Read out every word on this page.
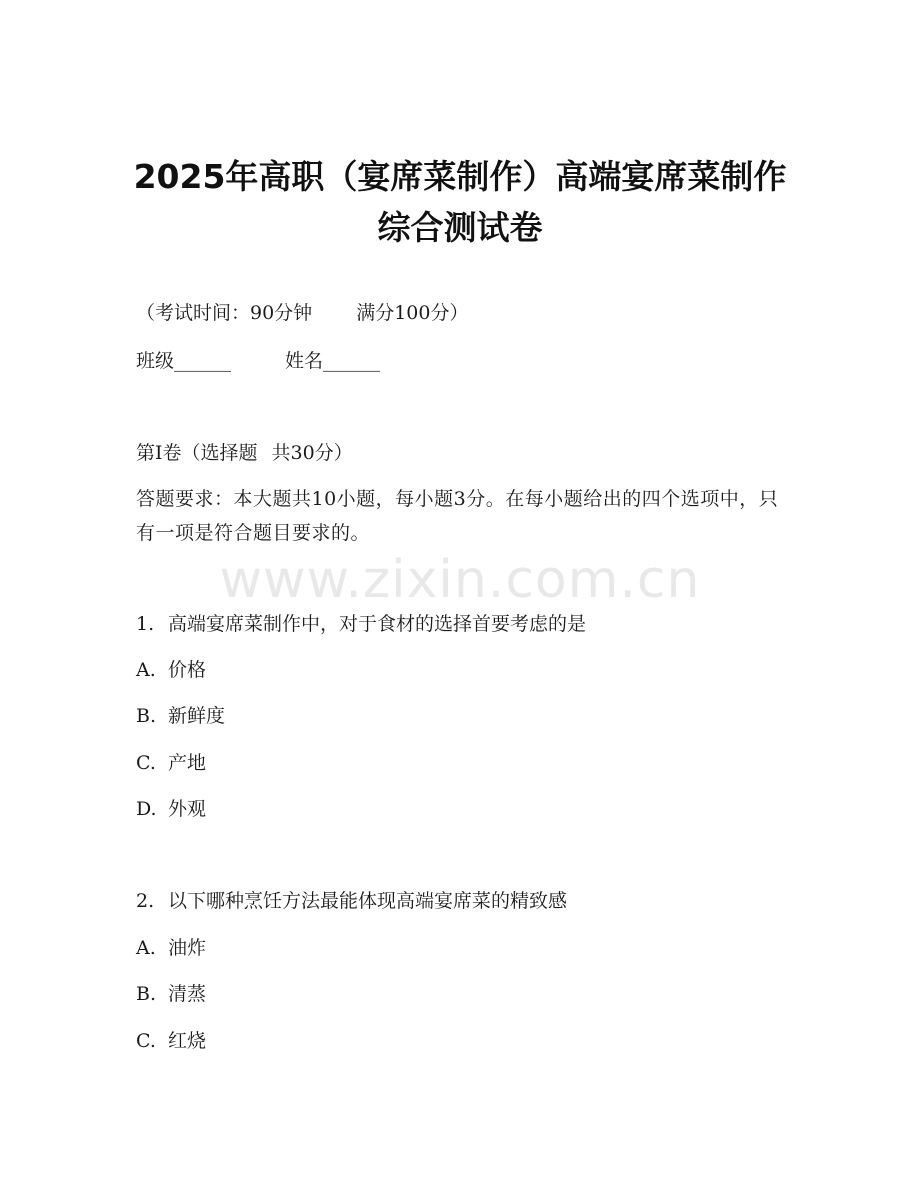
2025年高职（宴席菜制作）高端宴席菜制作
综合测试卷
（考试时间：90分钟 满分100分）
班级______	姓名______
第I卷（选择题 共30分）
答题要求：本大题共10小题，每小题3分。在每小题给出的四个选项中，只有一项是符合题目要求的。
www.zixin.com.cn
1. 高端宴席菜制作中，对于食材的选择首要考虑的是
A. 价格
B. 新鲜度
C. 产地
D. 外观
2. 以下哪种烹饪方法最能体现高端宴席菜的精致感
A. 油炸
B. 清蒸
C. 红烧
